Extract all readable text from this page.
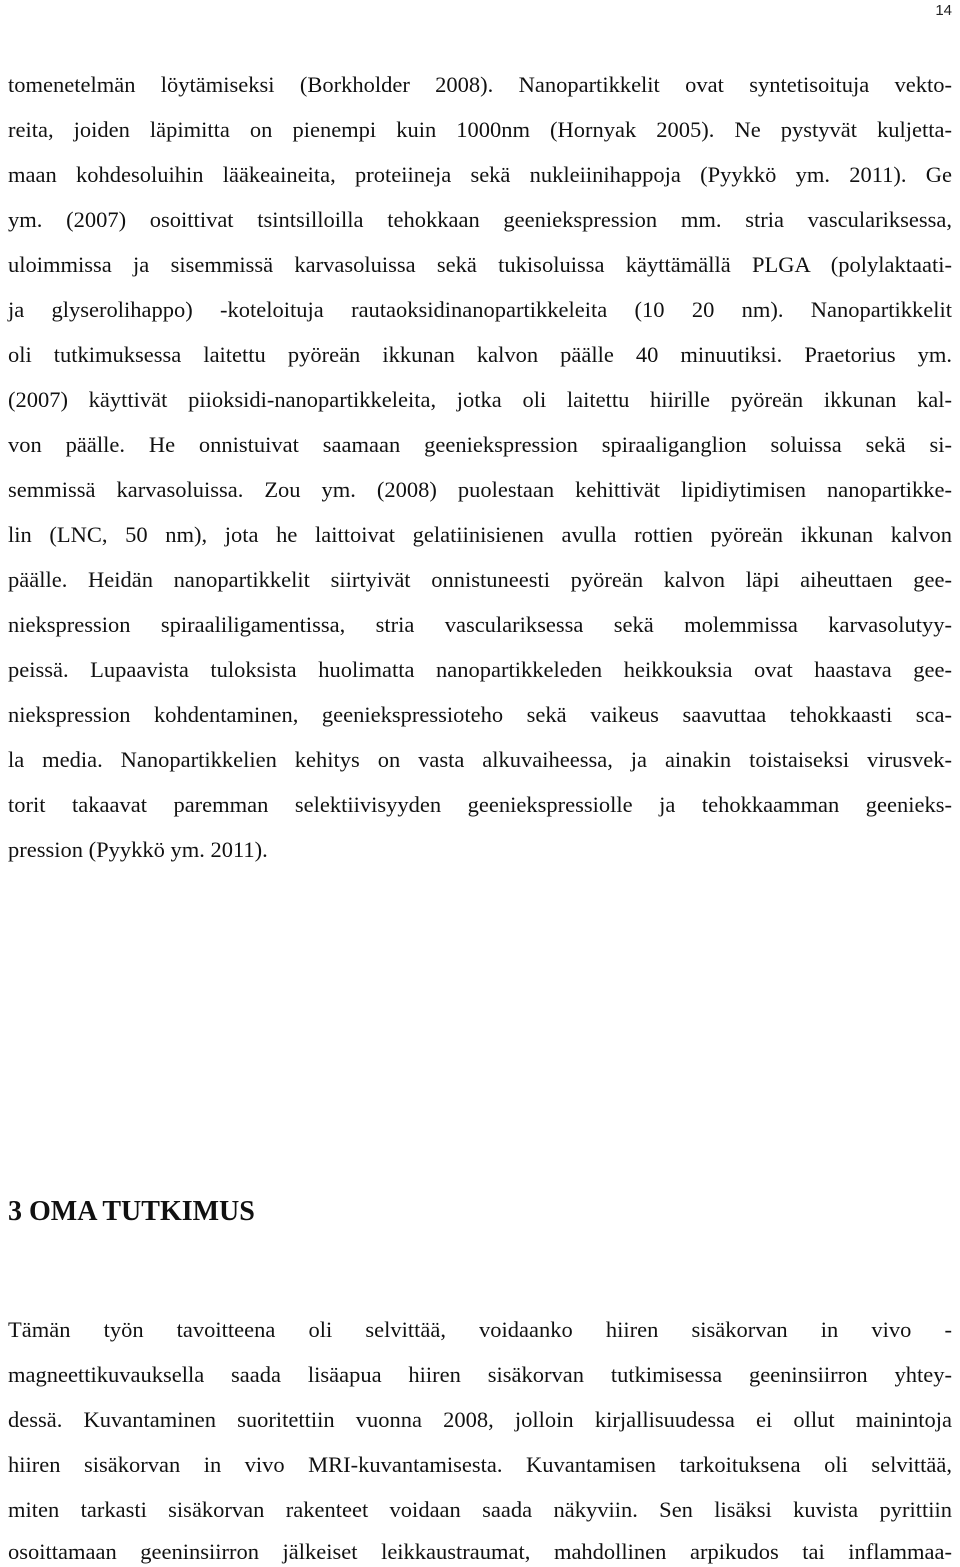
14
tomenetelmän löytämiseksi (Borkholder 2008). Nanopartikkelit ovat syntetisoituja vekto-
reita, joiden läpimitta on pienempi kuin 1000nm (Hornyak 2005). Ne pystyvät kuljetta-
maan kohdesoluihin lääkeaineita, proteiineja sekä nukleiinihappoja (Pyykkö ym. 2011). Ge
ym. (2007) osoittivat tsintsilloilla tehokkaan geeniekspression mm. stria vasculariksessa,
uloimmissa ja sisemmissä karvasoluissa sekä tukisoluissa käyttämällä PLGA (polylaktaati-
ja glyserolihappo) -koteloituja rautaoksidinanopartikkeleita (10 20 nm). Nanopartikkelit
oli tutkimuksessa laitettu pyöreän ikkunan kalvon päälle 40 minuutiksi. Praetorius ym.
(2007) käyttivät piioksidi-nanopartikkeleita, jotka oli laitettu hiirille pyöreän ikkunan kal-
von päälle. He onnistuivat saamaan geeniekspression spiraaliganglion soluissa sekä si-
semmissä karvasoluissa. Zou ym. (2008) puolestaan kehittivät lipidiytimisen nanopartikke-
lin (LNC, 50 nm), jota he laittoivat gelatiinisienen avulla rottien pyöreän ikkunan kalvon
päälle. Heidän nanopartikkelit siirtyivät onnistuneesti pyöreän kalvon läpi aiheuttaen gee-
niekspression spiraaliligamentissa, stria vasculariksessa sekä molemmissa karvasolutyy-
peissä. Lupaavista tuloksista huolimatta nanopartikkeleden heikkouksia ovat haastava gee-
niekspression kohdentaminen, geeniekspressioteho sekä vaikeus saavuttaa tehokkaasti sca-
la media. Nanopartikkelien kehitys on vasta alkuvaiheessa, ja ainakin toistaiseksi virusvek-
torit takaavat paremman selektiivisyyden geeniekspressiolle ja tehokkaamman geenieks-
pression (Pyykkö ym. 2011).
3 OMA TUTKIMUS
Tämän työn tavoitteena oli selvittää, voidaanko hiiren sisäkorvan in vivo -
magneettikuvauksella saada lisäapua hiiren sisäkorvan tutkimisessa geeninsiirron yhtey-
dessä. Kuvantaminen suoritettiin vuonna 2008, jolloin kirjallisuudessa ei ollut mainintoja
hiiren sisäkorvan in vivo MRI-kuvantamisesta. Kuvantamisen tarkoituksena oli selvittää,
miten tarkasti sisäkorvan rakenteet voidaan saada näkyviin. Sen lisäksi kuvista pyrittiin
osoittamaan geeninsiirron jälkeiset leikkaustraumat, mahdollinen arpikudos tai inflammaa-
